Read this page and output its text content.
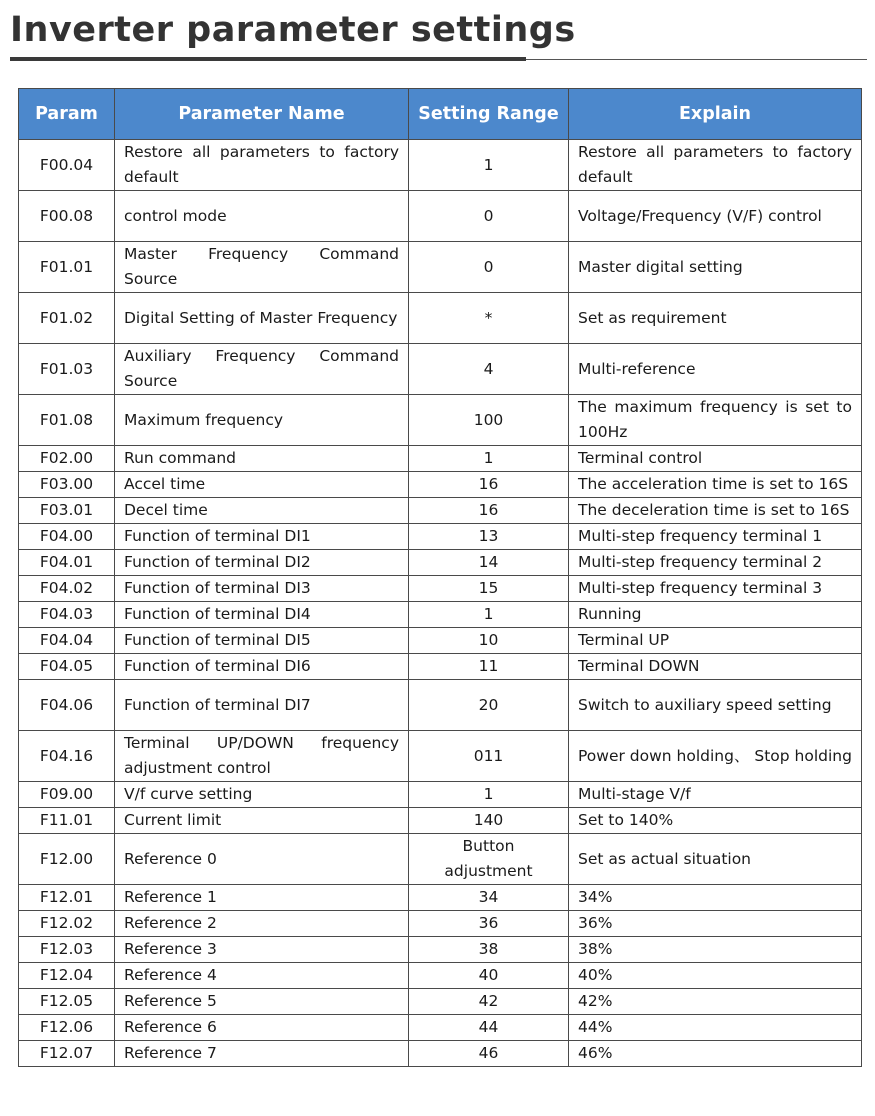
Inverter parameter settings
Param	Parameter Name	Setting Range	Explain
F00.04	Restore all parameters to factory default	1	Restore all parameters to factory default
F00.08	control mode	0	Voltage/Frequency (V/F) control
F01.01	Master Frequency Command Source	0	Master digital setting
F01.02	Digital Setting of Master Frequency	*	Set as requirement
F01.03	Auxiliary Frequency Command Source	4	Multi-reference
F01.08	Maximum frequency	100	The maximum frequency is set to 100Hz
F02.00	Run command	1	Terminal control
F03.00	Accel time	16	The acceleration time is set to 16S
F03.01	Decel time	16	The deceleration time is set to 16S
F04.00	Function of terminal DI1	13	Multi-step frequency terminal 1
F04.01	Function of terminal DI2	14	Multi-step frequency terminal 2
F04.02	Function of terminal DI3	15	Multi-step frequency terminal 3
F04.03	Function of terminal DI4	1	Running
F04.04	Function of terminal DI5	10	Terminal UP
F04.05	Function of terminal DI6	11	Terminal DOWN
F04.06	Function of terminal DI7	20	Switch to auxiliary speed setting
F04.16	Terminal UP/DOWN frequency adjustment control	011	Power down holding、 Stop holding
F09.00	V/f curve setting	1	Multi-stage V/f
F11.01	Current limit	140	Set to 140%
F12.00	Reference 0	Button adjustment	Set as actual situation
F12.01	Reference 1	34	34%
F12.02	Reference 2	36	36%
F12.03	Reference 3	38	38%
F12.04	Reference 4	40	40%
F12.05	Reference 5	42	42%
F12.06	Reference 6	44	44%
F12.07	Reference 7	46	46%
